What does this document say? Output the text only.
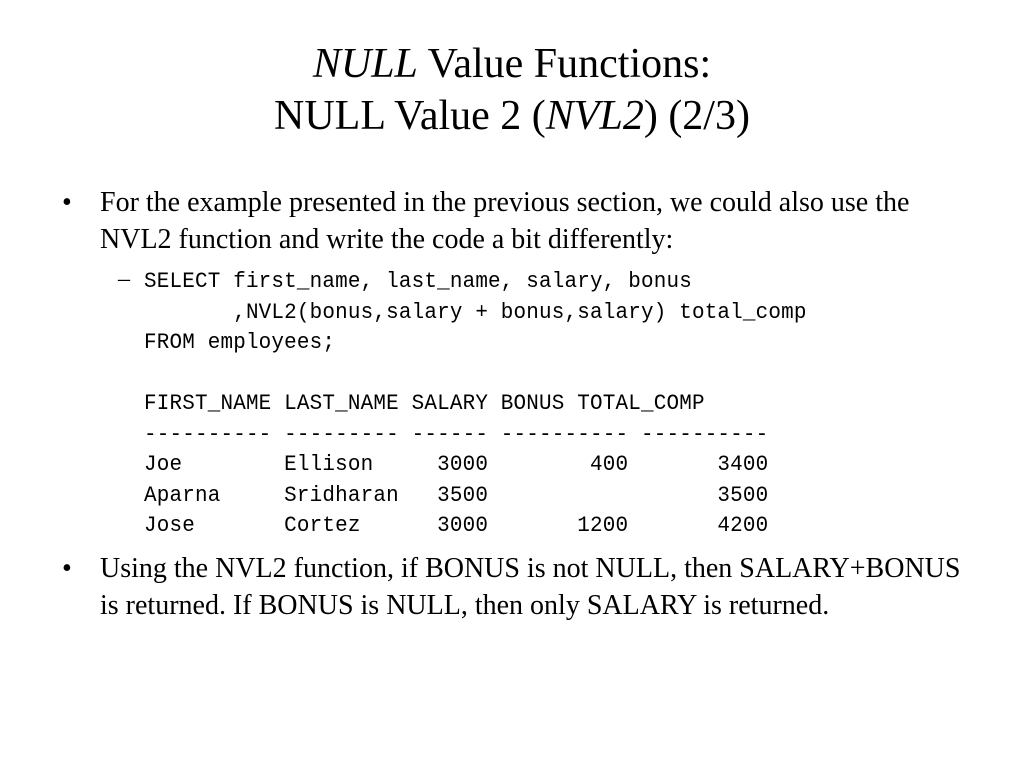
NULL Value Functions:
NULL Value 2 (NVL2) (2/3)
• For the example presented in the previous section, we could also use the NVL2 function and write the code a bit differently:
– SELECT first_name, last_name, salary, bonus
,NVL2(bonus,salary + bonus,salary) total_comp
FROM employees;
FIRST_NAME LAST_NAME SALARY BONUS TOTAL_COMP
---------- --------- ------ ---------- ----------
Joe        Ellison     3000        400       3400
Aparna     Sridharan   3500                  3500
Jose       Cortez      3000       1200       4200
• Using the NVL2 function, if BONUS is not NULL, then SALARY+BONUS is returned. If BONUS is NULL, then only SALARY is returned.
